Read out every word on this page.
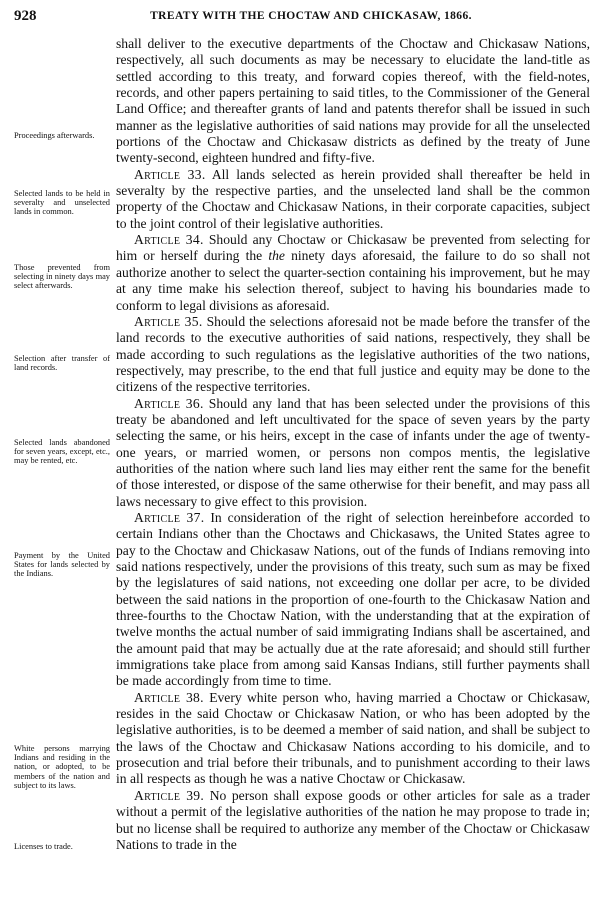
928	TREATY WITH THE CHOCTAW AND CHICKASAW, 1866.
Proceedings afterwards.
Selected lands to be held in severalty and unselected lands in common.
Those prevented from selecting in ninety days may select afterwards.
Selection after transfer of land records.
Selected lands abandoned for seven years, except, etc., may be rented, etc.
Payment by the United States for lands selected by the Indians.
White persons marrying Indians and residing in the nation, or adopted, to be members of the nation and subject to its laws.
Licenses to trade.

shall deliver to the executive departments of the Choctaw and Chickasaw Nations, respectively, all such documents as may be necessary to elucidate the land-title as settled according to this treaty, and forward copies thereof, with the field-notes, records, and other papers pertaining to said titles, to the Commissioner of the General Land Office; and thereafter grants of land and patents therefor shall be issued in such manner as the legislative authorities of said nations may provide for all the unselected portions of the Choctaw and Chickasaw districts as defined by the treaty of June twenty-second, eighteen hundred and fifty-five.

Article 33. All lands selected as herein provided shall thereafter be held in severalty by the respective parties, and the unselected land shall be the common property of the Choctaw and Chickasaw Nations, in their corporate capacities, subject to the joint control of their legislative authorities.

Article 34. Should any Choctaw or Chickasaw be prevented from selecting for him or herself during the the ninety days aforesaid, the failure to do so shall not authorize another to select the quarter-section containing his improvement, but he may at any time make his selection thereof, subject to having his boundaries made to conform to legal divisions as aforesaid.

Article 35. Should the selections aforesaid not be made before the transfer of the land records to the executive authorities of said nations, respectively, they shall be made according to such regulations as the legislative authorities of the two nations, respectively, may prescribe, to the end that full justice and equity may be done to the citizens of the respective territories.

Article 36. Should any land that has been selected under the provisions of this treaty be abandoned and left uncultivated for the space of seven years by the party selecting the same, or his heirs, except in the case of infants under the age of twenty-one years, or married women, or persons non compos mentis, the legislative authorities of the nation where such land lies may either rent the same for the benefit of those interested, or dispose of the same otherwise for their benefit, and may pass all laws necessary to give effect to this provision.

Article 37. In consideration of the right of selection hereinbefore accorded to certain Indians other than the Choctaws and Chickasaws, the United States agree to pay to the Choctaw and Chickasaw Nations, out of the funds of Indians removing into said nations respectively, under the provisions of this treaty, such sum as may be fixed by the legislatures of said nations, not exceeding one dollar per acre, to be divided between the said nations in the proportion of one-fourth to the Chickasaw Nation and three-fourths to the Choctaw Nation, with the understanding that at the expiration of twelve months the actual number of said immigrating Indians shall be ascertained, and the amount paid that may be actually due at the rate aforesaid; and should still further immigrations take place from among said Kansas Indians, still further payments shall be made accordingly from time to time.

Article 38. Every white person who, having married a Choctaw or Chickasaw, resides in the said Choctaw or Chickasaw Nation, or who has been adopted by the legislative authorities, is to be deemed a member of said nation, and shall be subject to the laws of the Choctaw and Chickasaw Nations according to his domicile, and to prosecution and trial before their tribunals, and to punishment according to their laws in all respects as though he was a native Choctaw or Chickasaw.

Article 39. No person shall expose goods or other articles for sale as a trader without a permit of the legislative authorities of the nation he may propose to trade in; but no license shall be required to authorize any member of the Choctaw or Chickasaw Nations to trade in the
